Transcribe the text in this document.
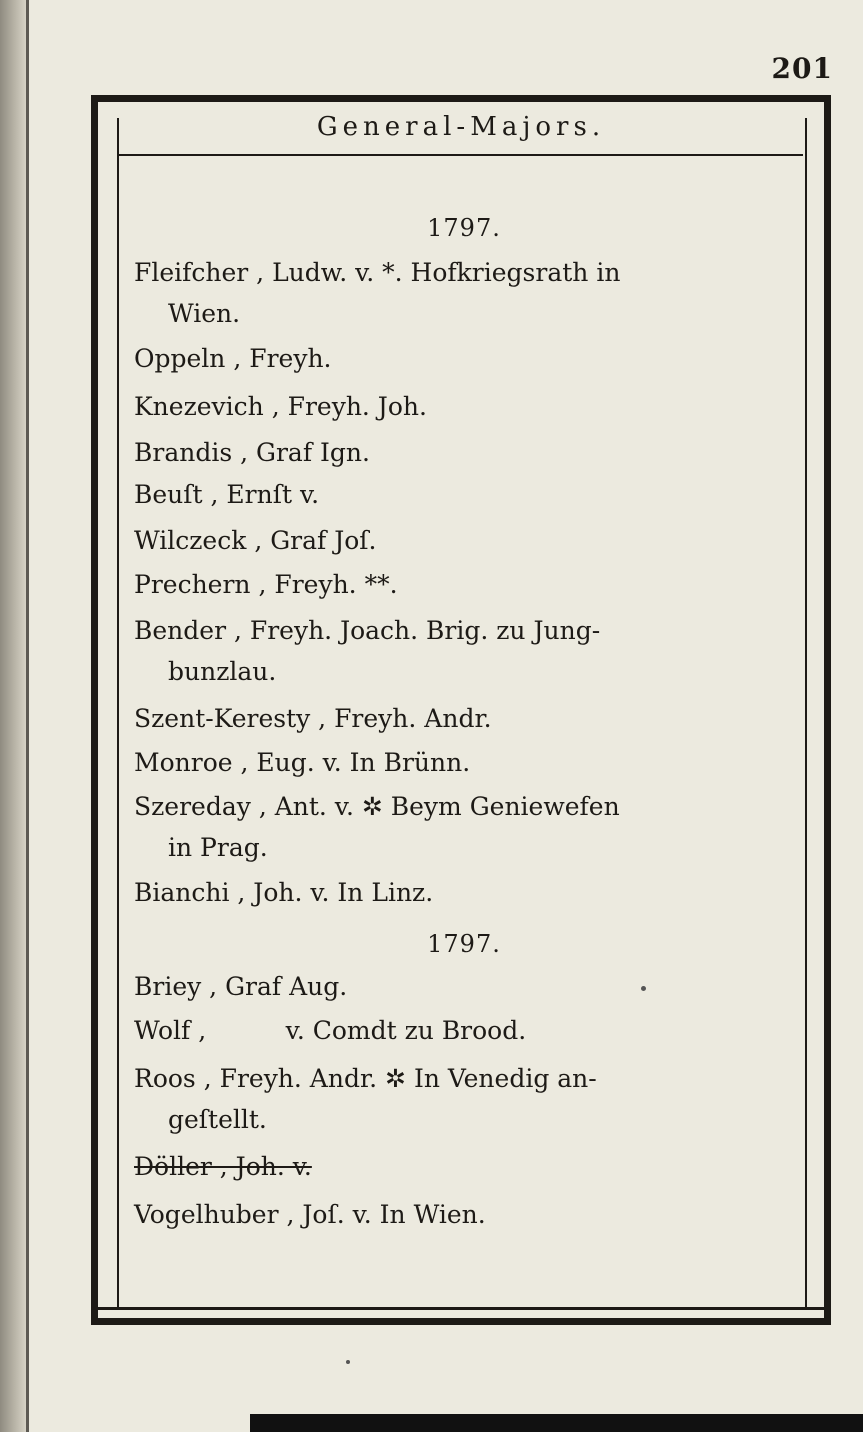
201
General-Majors.
1797.
Fleifcher , Ludw. v. *. Hofkriegsrath in
Wien.
Oppeln , Freyh.
Knezevich , Freyh. Joh.
Brandis , Graf Ign.
Beuſt , Ernſt v.
Wilczeck , Graf Joſ.
Prechern , Freyh. **.
Bender , Freyh. Joach. Brig. zu Jung-
bunzlau.
Szent-Keresty , Freyh. Andr.
Monroe , Eug. v. In Brünn.
Szereday , Ant. v. ✲ Beym Geniewefen
in Prag.
Bianchi , Joh. v. In Linz.
1797.
Briey , Graf Aug.
Wolf ,          v. Comdt zu Brood.
Roos , Freyh. Andr. ✲ In Venedig an-
geſtellt.
Döller , Joh. v.
Vogelhuber , Joſ. v. In Wien.
